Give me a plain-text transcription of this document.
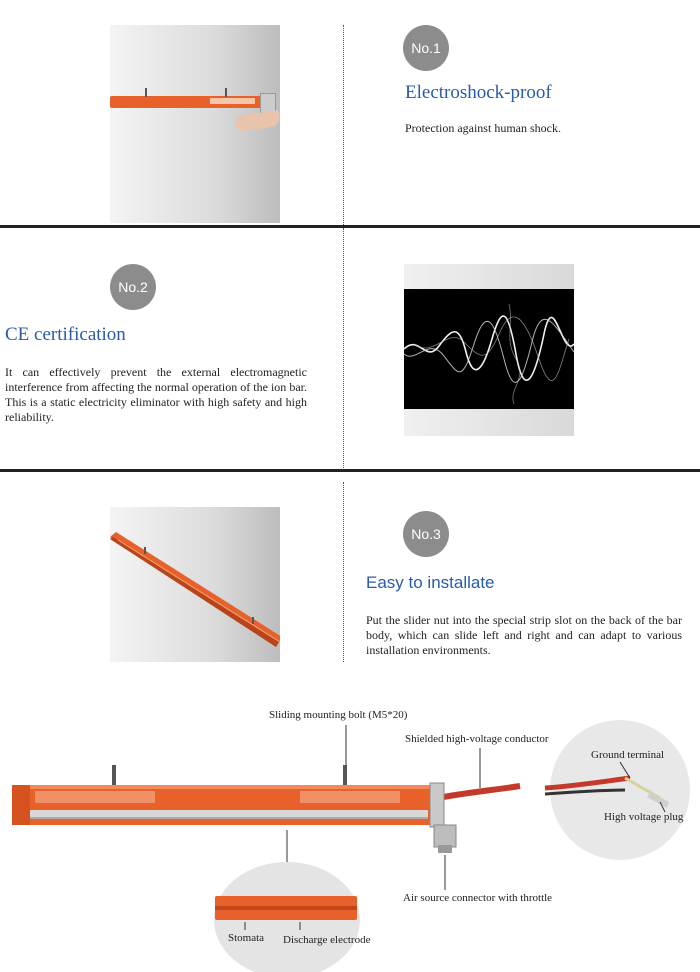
No.1
Electroshock-proof
Protection against human shock.
No.2
CE certification
It can effectively prevent the external electromagnetic interference from affecting the normal operation of the ion bar. This is a static electricity eliminator with high safety and high reliability.
No.3
Easy to installate
Put the slider nut into the special strip slot on the back of the bar body, which can slide left and right and can adapt to various installation environments.
Sliding mounting bolt (M5*20)
Shielded high-voltage conductor
Ground terminal
High voltage plug
Air source connector with throttle
Stomata Discharge electrode
